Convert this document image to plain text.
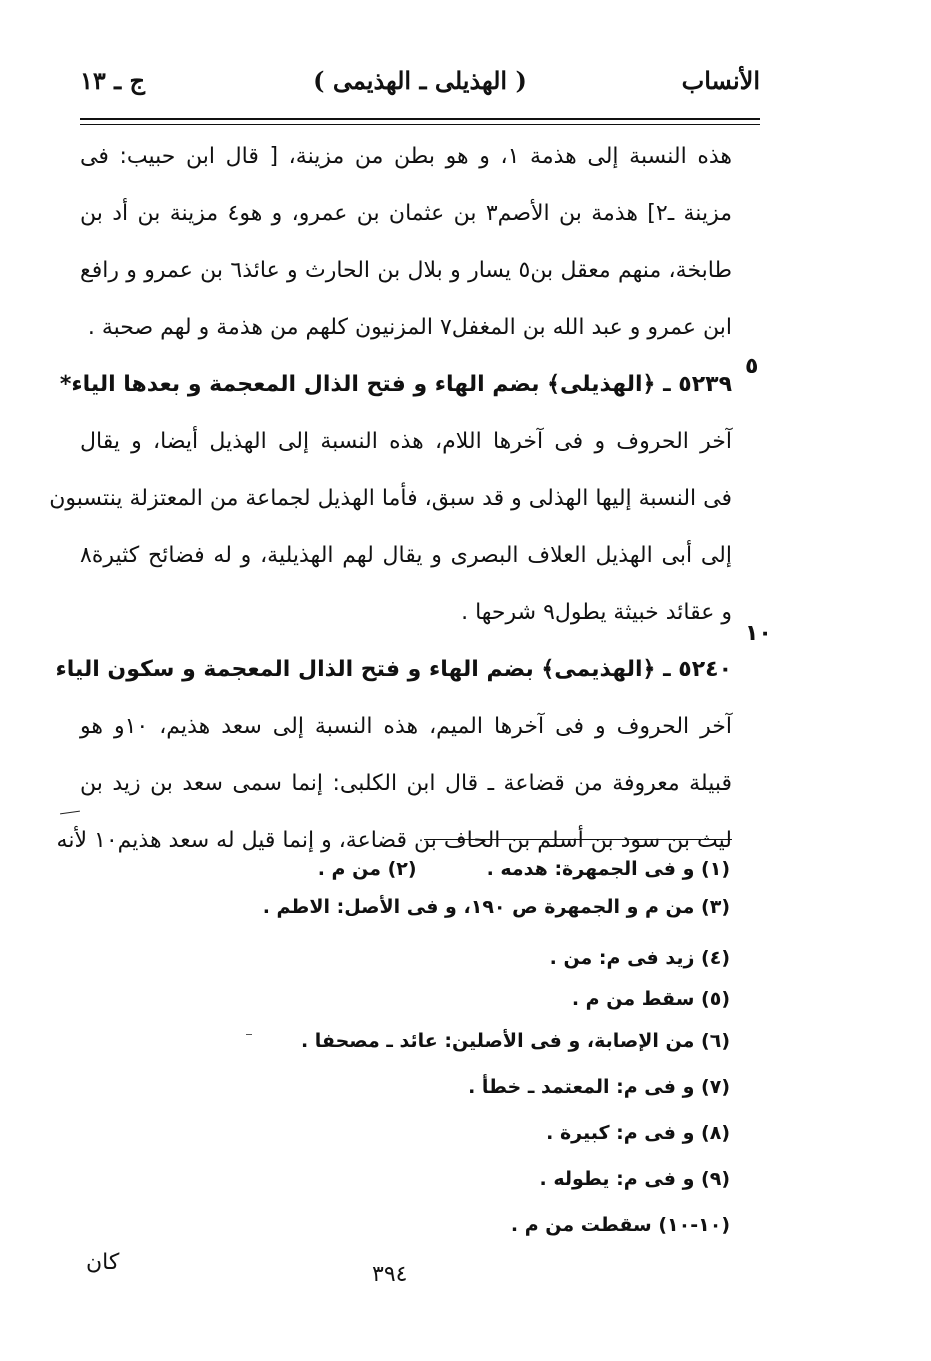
الأنساب
( الهذيلى ـ الهذيمى )
ج ـ ١٣
هذه النسبة إلى هذمة ١، و هو بطن من مزينة، [ قال ابن حبيب: فى
مزينة ـ٢] هذمة بن الأصم٣ بن عثمان بن عمرو، و هو٤ مزينة بن أد بن
طابخة، منهم معقل بن٥ يسار و بلال بن الحارث و عائذ٦ بن عمرو و رافع
ابن عمرو و عبد الله بن المغفل٧ المزنيون كلهم من هذمة و لهم صحبة .
٥٢٣٩ ـ ﴿الهذيلى﴾ بضم الهاء و فتح الذال المعجمة و بعدها الياء*
آخر الحروف و فى آخرها اللام، هذه النسبة إلى الهذيل أيضا، و يقال
فى النسبة إليها الهذلى و قد سبق، فأما الهذيل لجماعة من المعتزلة ينتسبون
إلى أبى الهذيل العلاف البصرى و يقال لهم الهذيلية، و له فضائح كثيرة٨
و عقائد خبيثة يطول٩ شرحها .
٥٢٤٠ ـ ﴿الهذيمى﴾ بضم الهاء و فتح الذال المعجمة و سكون الياء
آخر الحروف و فى آخرها الميم، هذه النسبة إلى سعد هذيم، ١٠و هو
قبيلة معروفة من قضاعة ـ قال ابن الكلبى: إنما سمى سعد بن زيد بن
ليث بن سود بن أسلم بن الحاف بن قضاعة، و إنما قيل له سعد هذيم١٠ لأنه
٥
١٠
(١) و فى الجمهرة: هدمه .(٢) من م .
(٣) من م و الجمهرة ص ١٩٠، و فى الأصل: الاطم .
(٤) زيد فى م: من .
(٥) سقط من م .
(٦) من الإصابة، و فى الأصلين: عائد ـ مصحفا .
(٧) و فى م: المعتمد ـ خطأ .
(٨) و فى م: كبيرة .
(٩) و فى م: يطوله .
(١٠-١٠) سقطت من م .
٣٩٤
كان
